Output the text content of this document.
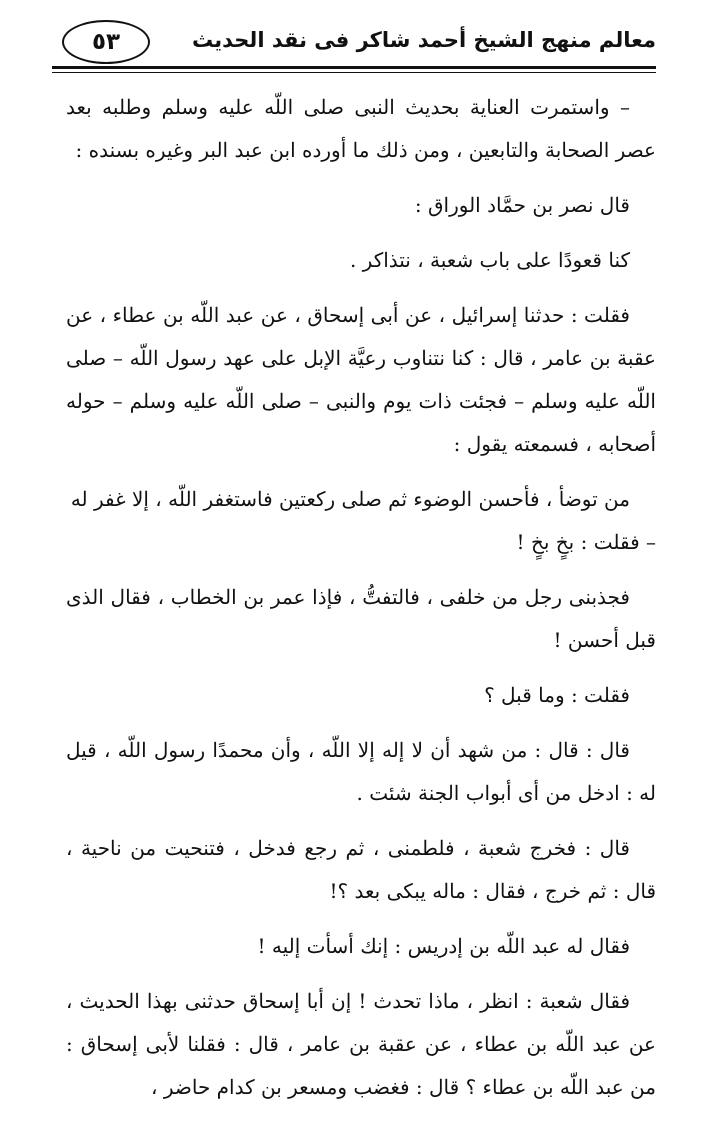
٥٣	معالم منهج الشيخ أحمد شاكر فى نقد الحديث

– واستمرت العناية بحديث النبى صلى اللّه عليه وسلم وطلبه بعد عصر الصحابة والتابعين ، ومن ذلك ما أورده ابن عبد البر وغيره بسنده :

قال نصر بن حمَّاد الوراق :

كنا قعودًا على باب شعبة ، نتذاكر .

فقلت : حدثنا إسرائيل ، عن أبى إسحاق ، عن عبد اللّه بن عطاء ، عن عقبة بن عامر ، قال : كنا نتناوب رعيَّة الإبل على عهد رسول اللّه – صلى اللّه عليه وسلم – فجئت ذات يوم والنبى – صلى اللّه عليه وسلم – حوله أصحابه ، فسمعته يقول :

من توضأ ، فأحسن الوضوء ثم صلى ركعتين فاستغفر اللّه ، إلا غفر له

– فقلت : بخٍ بخٍ !

فجذبنى رجل من خلفى ، فالتفتُّ ، فإذا عمر بن الخطاب ، فقال الذى قبل أحسن !

فقلت : وما قبل ؟

قال : قال : من شهد أن لا إله إلا اللّه ، وأن محمدًا رسول اللّه ، قيل له : ادخل من أى أبواب الجنة شئت .

قال : فخرج شعبة ، فلطمنى ، ثم رجع فدخل ، فتنحيت من ناحية ، قال : ثم خرج ، فقال : ماله يبكى بعد ؟!

فقال له عبد اللّه بن إدريس : إنك أسأت إليه !

فقال شعبة : انظر ، ماذا تحدث ! إن أبا إسحاق حدثنى بهذا الحديث ، عن عبد اللّه بن عطاء ، عن عقبة بن عامر ، قال : فقلنا لأبى إسحاق : من عبد اللّه بن عطاء ؟ قال : فغضب ومسعر بن كدام حاضر ،
